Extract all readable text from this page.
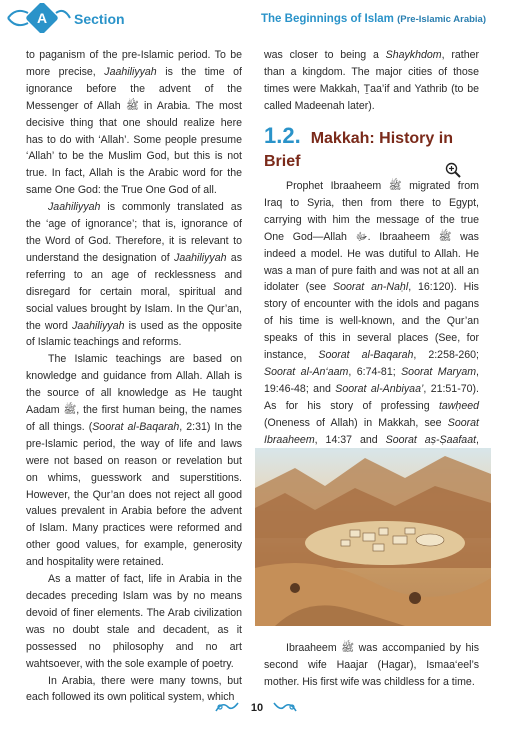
A Section	The Beginnings of Islam (Pre-Islamic Arabia)

to paganism of the pre-Islamic period. To be more precise, Jaahiliyyah is the time of ignorance before the advent of the Messenger of Allah ﷺ in Arabia. The most decisive thing that one should realize here has to do with ‘Allah’. Some people presume ‘Allah’ to be the Muslim God, but this is not true. In fact, Allah is the Arabic word for the same One God: the True One God of all.

Jaahiliyyah is commonly translated as the ‘age of ignorance’; that is, ignorance of the Word of God. Therefore, it is relevant to understand the designation of Jaahiliyyah as referring to an age of recklessness and disregard for certain moral, spiritual and social values brought by Islam. In the Qur’an, the word Jaahiliyyah is used as the opposite of Islamic teachings and reforms.

The Islamic teachings are based on knowledge and guidance from Allah. Allah is the source of all knowledge as He taught Aadam ﷺ, the first human being, the names of all things. (Soorat al-Baqarah, 2:31) In the pre-Islamic period, the way of life and laws were not based on reason or revelation but on whims, guesswork and superstitions. However, the Qur’an does not reject all good values prevalent in Arabia before the advent of Islam. Many practices were reformed and other good values, for example, generosity and hospitality were retained.

As a matter of fact, life in Arabia in the decades preceding Islam was by no means devoid of finer elements. The Arab civilization was no doubt stale and decadent, as it possessed no philosophy and no art wahtsoever, with the sole example of poetry.

In Arabia, there were many towns, but each followed its own political system, which

was closer to being a Shaykhdom, rather than a kingdom. The major cities of those times were Makkah, Ṯaa’if and Yathrib (to be called Madeenah later).

1.2. Makkah: History in Brief

Prophet Ibraaheem ﷺ migrated from Iraq to Syria, then from there to Egypt, carrying with him the message of the true One God—Allah ﷻ. Ibraaheem ﷺ was indeed a model. He was dutiful to Allah. He was a man of pure faith and was not at all an idolater (see Soorat an-Naḥl, 16:120). His story of encounter with the idols and pagans of his time is well-known, and the Qur’an speaks of this in several places (See, for instance, Soorat al-Baqarah, 2:258-260; Soorat al-An‘aam, 6:74-81; Soorat Maryam, 19:46-48; and Soorat al-Anbiyaa’, 21:51-70). As for his story of professing tawḥeed (Oneness of Allah) in Makkah, see Soorat Ibraaheem, 14:37 and Soorat aṣ-Ṣaafaat,

Ibraaheem ﷺ was accompanied by his second wife Haajar (Hagar), Ismaa‘eel’s mother. His first wife was childless for a time.

10
